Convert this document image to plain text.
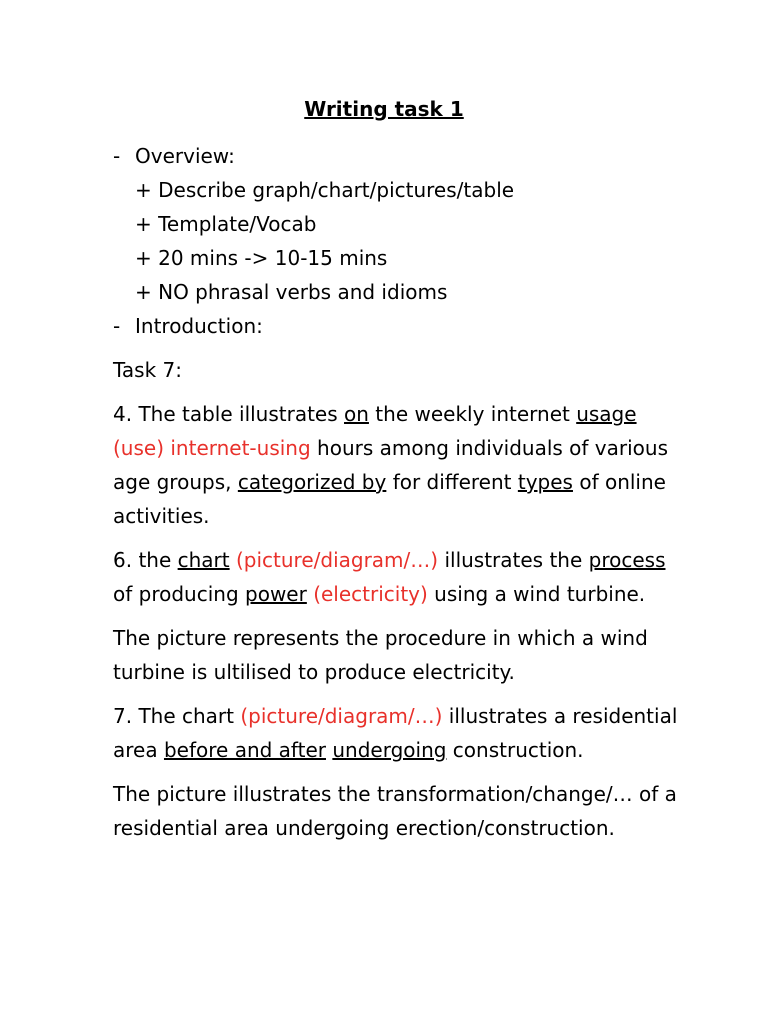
Writing task 1

- Overview:

+ Describe graph/chart/pictures/table

+ Template/Vocab

+ 20 mins -> 10-15 mins

+ NO phrasal verbs and idioms

- Introduction:

Task 7:

4. The table illustrates on the weekly internet usage
(use) internet-using hours among individuals of various age groups, categorized by for different types of online activities.

6. the chart (picture/diagram/…) illustrates the process
of producing power (electricity) using a wind turbine.

The picture represents the procedure in which a wind turbine is ultilised to produce electricity.

7. The chart (picture/diagram/…) illustrates a residential area before and after undergoing construction.

The picture illustrates the transformation/change/… of a residential area undergoing erection/construction.
